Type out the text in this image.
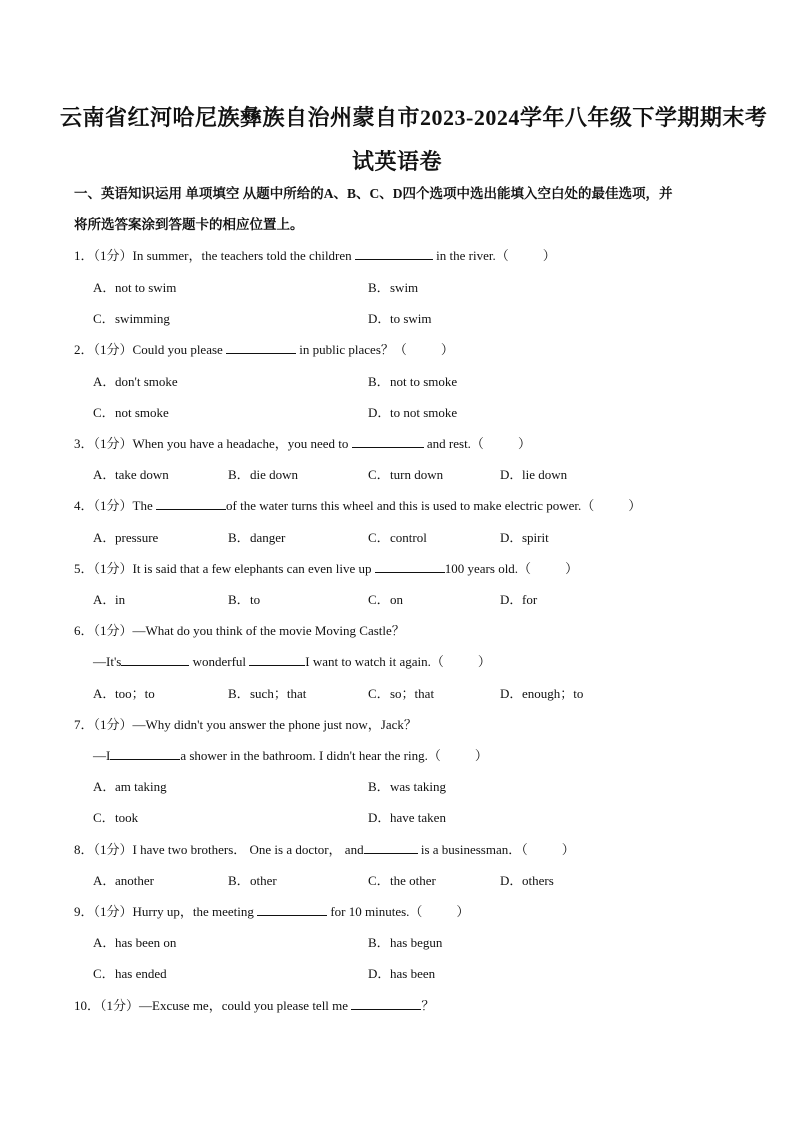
云南省红河哈尼族彝族自治州蒙自市2023-2024学年八年级下学期期末考
试英语卷
一、英语知识运用 单项填空 从题中所给的A、B、C、D四个选项中选出能填入空白处的最佳选项，并
将所选答案涂到答题卡的相应位置上。
1．（1分）In summer，the teachers told the children	in the river.（	）
A．not to swim	B．swim
C．swimming	D．to swim
2．（1分）Could you please	in public places？（	）
A．don't smoke	B．not to smoke
C．not smoke	D．to not smoke
3．（1分）When you have a headache，you need to	and rest.（	）
A．take down	B．die down	C．turn down	D．lie down
4．（1分）The	of the water turns this wheel and this is used to make electric power.（	）
A．pressure	B．danger	C．control	D．spirit
5．（1分）It is said that a few elephants can even live up	100 years old.（	）
A．in	B．to	C．on	D．for
6．（1分）—What do you think of the movie Moving Castle？
—It's	wonderful	I want to watch it again.（	）
A．too；to	B．such；that	C．so；that	D．enough；to
7．（1分）—Why didn't you answer the phone just now，Jack？
—I	a shower in the bathroom. I didn't hear the ring.（	）
A．am taking	B．was taking
C．took	D．have taken
8．（1分）I have two brothers． One is a doctor， and	is a businessman．（	）
A．another	B．other	C．the other	D．others
9．（1分）Hurry up，the meeting	for 10 minutes.（	）
A．has been on	B．has begun
C．has ended	D．has been
10．（1分）—Excuse me，could you please tell me	？
